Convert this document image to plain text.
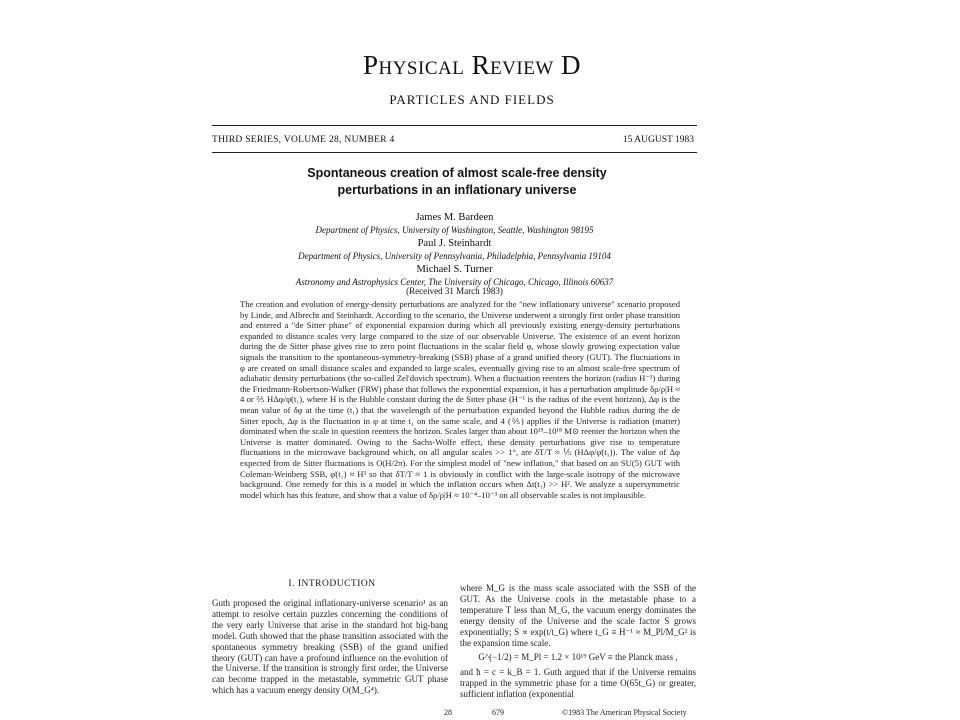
Physical Review D
PARTICLES AND FIELDS
THIRD SERIES, VOLUME 28, NUMBER 4	15 AUGUST 1983
Spontaneous creation of almost scale-free density perturbations in an inflationary universe
James M. Bardeen
Department of Physics, University of Washington, Seattle, Washington 98195
Paul J. Steinhardt
Department of Physics, University of Pennsylvania, Philadelphia, Pennsylvania 19104
Michael S. Turner
Astronomy and Astrophysics Center, The University of Chicago, Chicago, Illinois 60637
(Received 31 March 1983)
The creation and evolution of energy-density perturbations are analyzed for the "new inflationary universe" scenario proposed by Linde, and Albrecht and Steinhardt. According to the scenario, the Universe underwent a strongly first order phase transition and entered a "de Sitter phase" of exponential expansion during which all previously existing energy-density perturbations expanded to distance scales very large compared to the size of our observable Universe. The existence of an event horizon during the de Sitter phase gives rise to zero point fluctuations in the scalar field φ, whose slowly growing expectation value signals the transition to the spontaneous-symmetry-breaking (SSB) phase of a grand unified theory (GUT). The fluctuations in φ are created on small distance scales and expanded to large scales, eventually giving rise to an almost scale-free spectrum of adiabatic density perturbations (the so-called Zel'dovich spectrum). When a fluctuation reenters the horizon (radius H⁻¹) during the Friedmann-Robertson-Walker (FRW) phase that follows the exponential expansion, it has a perturbation amplitude δρ/ρ|H ≈ 4 or ⅖ HΔφ/φ̇(t₁), where H is the Hubble constant during the de Sitter phase (H⁻¹ is the radius of the event horizon), Δφ is the mean value of δφ at the time (t₁) that the wavelength of the perturbation expanded beyond the Hubble radius during the de Sitter epoch, Δφ is the fluctuation in φ at time t₁ on the same scale, and 4 (⅖) applies if the Universe is radiation (matter) dominated when the scale in question reenters the horizon. Scales larger than about 10¹⁵–10¹⁸ M⊙ reenter the horizon when the Universe is matter dominated. Owing to the Sachs-Wolfe effect, these density perturbations give rise to temperature fluctuations in the microwave background which, on all angular scales >> 1°, are δT/T ≈ ⅕ (HΔφ/φ̇(t₁)). The value of Δφ expected from de Sitter fluctuations is O(H/2π). For the simplest model of "new inflation," that based on an SU(5) GUT with Coleman-Weinberg SSB, φ̇(t₁) ≈ H³ so that δT/T ≈ 1 is obviously in conflict with the large-scale isotropy of the microwave background. One remedy for this is a model in which the inflation occurs when Δt(t₁) >> H². We analyze a supersymmetric model which has this feature, and show that a value of δρ/ρ|H ≈ 10⁻⁴–10⁻³ on all observable scales is not implausible.
I. INTRODUCTION
Guth proposed the original inflationary-universe scenario¹ as an attempt to resolve certain puzzles concerning the conditions of the very early Universe that arise in the standard hot big-bang model. Guth showed that the phase transition associated with the spontaneous symmetry breaking (SSB) of the grand unified theory (GUT) can have a profound influence on the evolution of the Universe. If the transition is strongly first order, the Universe can become trapped in the metastable, symmetric GUT phase which has a vacuum energy density O(M_G⁴).
where M_G is the mass scale associated with the SSB of the GUT. As the Universe cools in the metastable phase to a temperature T less than M_G, the vacuum energy dominates the energy density of the Universe and the scale factor S grows exponentially; S ∝ exp(t/t_G) where t_G ≡ H⁻¹ ≈ M_Pl/M_G² is the expansion time scale.
G^(−1/2) = M_Pl = 1.2 × 10¹⁹ GeV ≡ the Planck mass ,
and ħ = c = k_B = 1. Guth argued that if the Universe remains trapped in the symmetric phase for a time O(65t_G) or greater, sufficient inflation (exponential
28	679	©1983 The American Physical Society
